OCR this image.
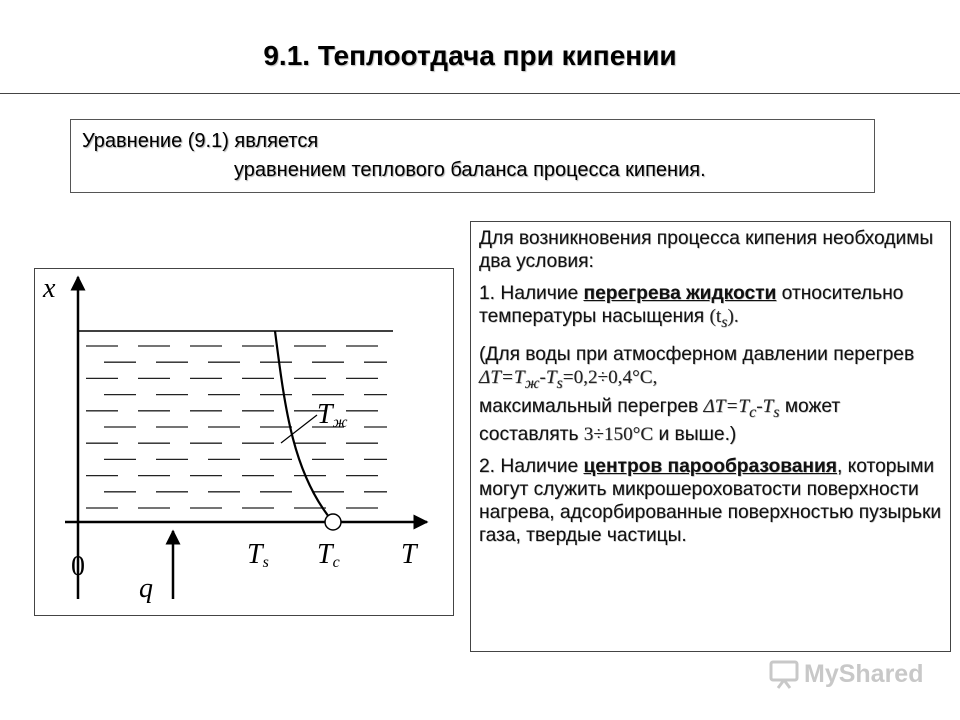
9.1. Теплоотдача при кипении
Уравнение (9.1) является
уравнением теплового баланса процесса кипения.
x
T
0
q
$T_s$ $T_c$
$T_ж$

Для возникновения процесса кипения необходимы два условия:

1. Наличие перегрева жидкости относительно температуры насыщения $(t_s)$.

(Для воды при атмосферном давлении перегрев $\Delta T=T_ж-T_s=0,2\div 0,4^\circ C$,
максимальный перегрев $\Delta T=T_c-T_s$ может
составлять 3÷150°C и выше.)

2. Наличие центров парообразования, которыми могут служить микрошероховатости поверхности нагрева, адсорбированные поверхностью пузырьки газа, твердые частицы.

MyShared
